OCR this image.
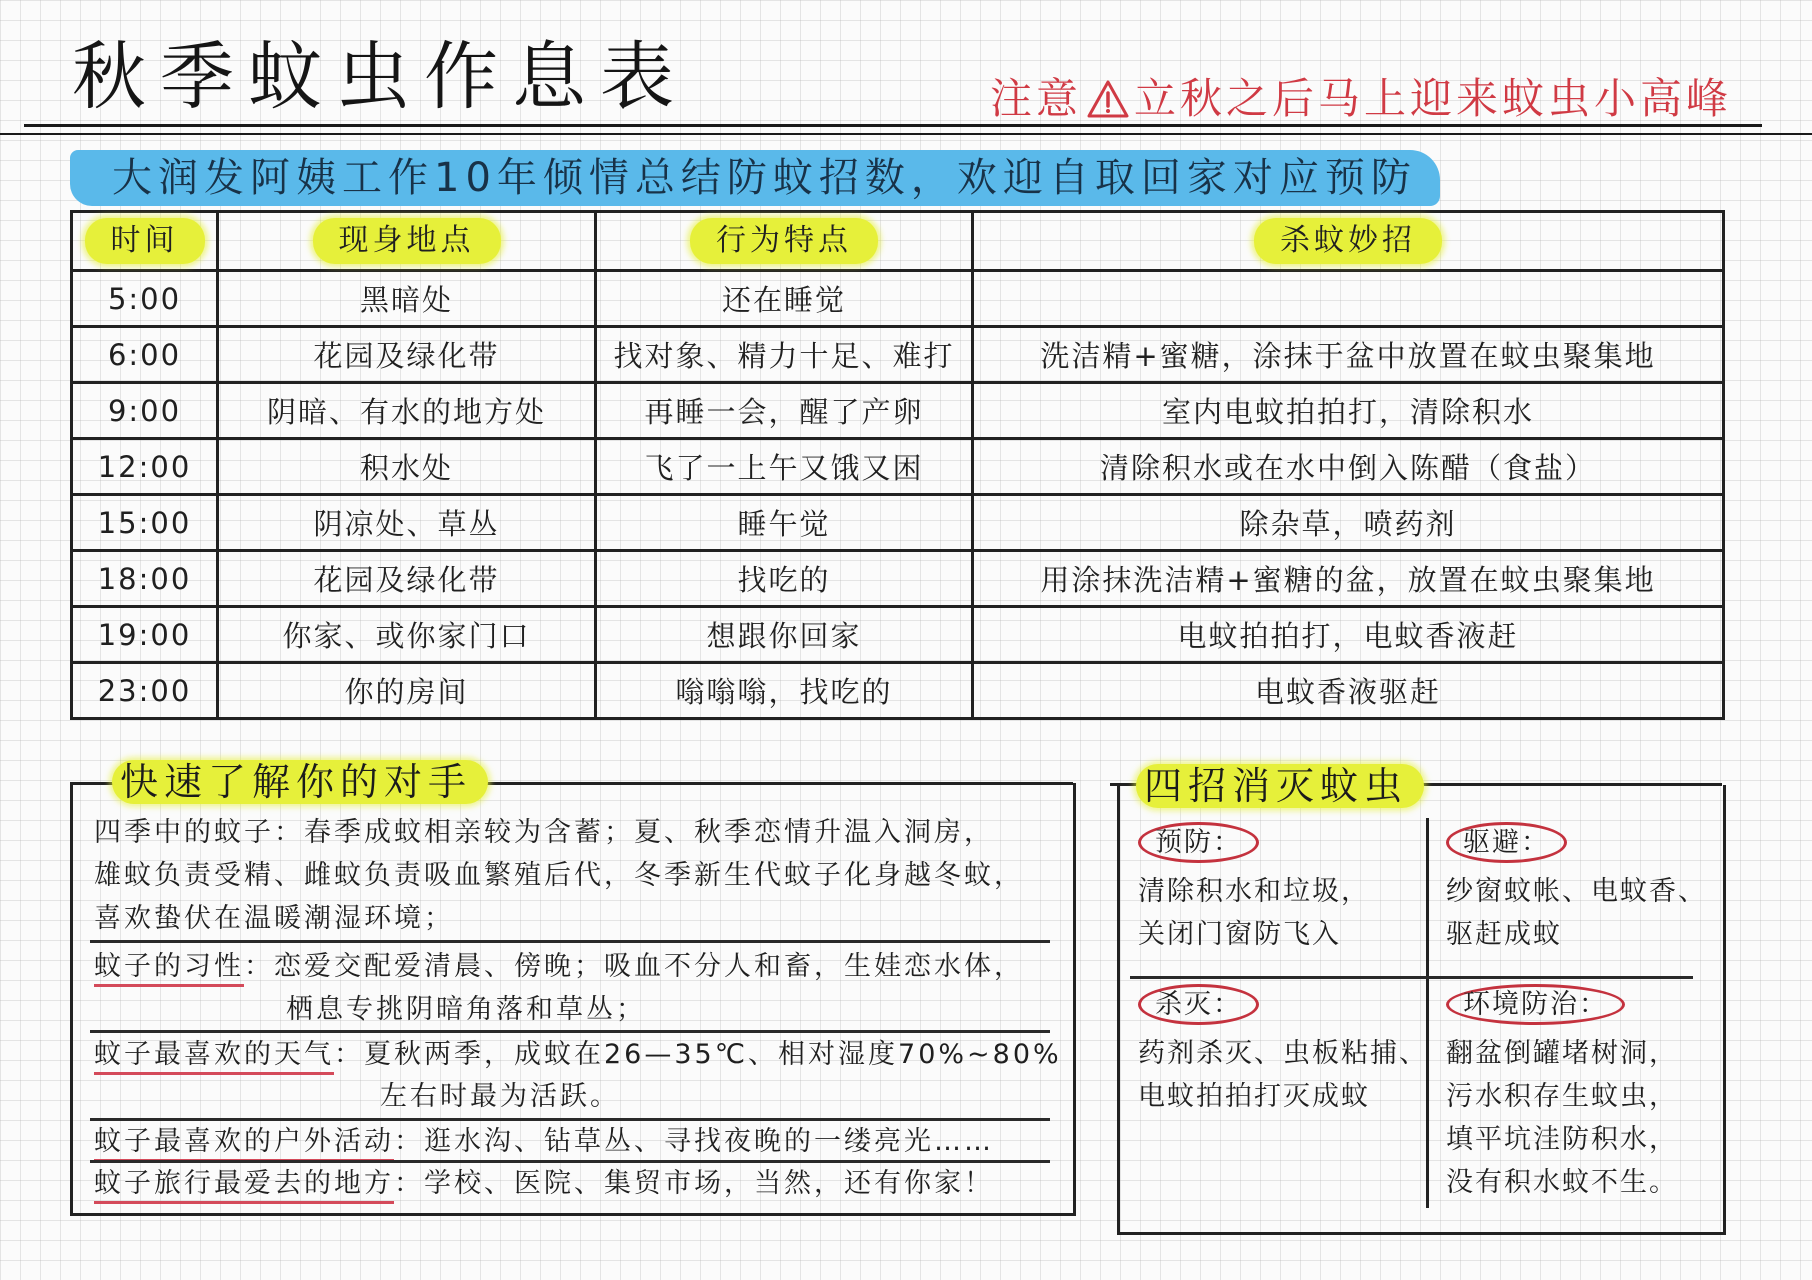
秋季蚊虫作息表	注意 立秋之后马上迎来蚊虫小高峰
大润发阿姨工作10年倾情总结防蚊招数，欢迎自取回家对应预防
时间	现身地点	行为特点	杀蚊妙招
5:00	黑暗处	还在睡觉	
6:00	花园及绿化带	找对象、精力十足、难打	洗洁精+蜜糖，涂抹于盆中放置在蚊虫聚集地
9:00	阴暗、有水的地方处	再睡一会，醒了产卵	室内电蚊拍拍打，清除积水
12:00	积水处	飞了一上午又饿又困	清除积水或在水中倒入陈醋（食盐）
15:00	阴凉处、草丛	睡午觉	除杂草，喷药剂
18:00	花园及绿化带	找吃的	用涂抹洗洁精+蜜糖的盆，放置在蚊虫聚集地
19:00	你家、或你家门口	想跟你回家	电蚊拍拍打，电蚊香液赶
23:00	你的房间	嗡嗡嗡，找吃的	电蚊香液驱赶
快速了解你的对手
四季中的蚊子：春季成蚊相亲较为含蓄；夏、秋季恋情升温入洞房，
雄蚊负责受精、雌蚊负责吸血繁殖后代，冬季新生代蚊子化身越冬蚊，
喜欢蛰伏在温暖潮湿环境；
蚊子的习性：恋爱交配爱清晨、傍晚；吸血不分人和畜，生娃恋水体，
栖息专挑阴暗角落和草丛；
蚊子最喜欢的天气：夏秋两季，成蚊在26—35℃、相对湿度70%~80%
左右时最为活跃。
蚊子最喜欢的户外活动：逛水沟、钻草丛、寻找夜晚的一缕亮光……
蚊子旅行最爱去的地方：学校、医院、集贸市场，当然，还有你家！
四招消灭蚊虫
预防：
清除积水和垃圾，
关闭门窗防飞入
驱避：
纱窗蚊帐、电蚊香、
驱赶成蚊
杀灭：
药剂杀灭、虫板粘捕、
电蚊拍拍打灭成蚊
环境防治：
翻盆倒罐堵树洞，
污水积存生蚊虫，
填平坑洼防积水，
没有积水蚊不生。
